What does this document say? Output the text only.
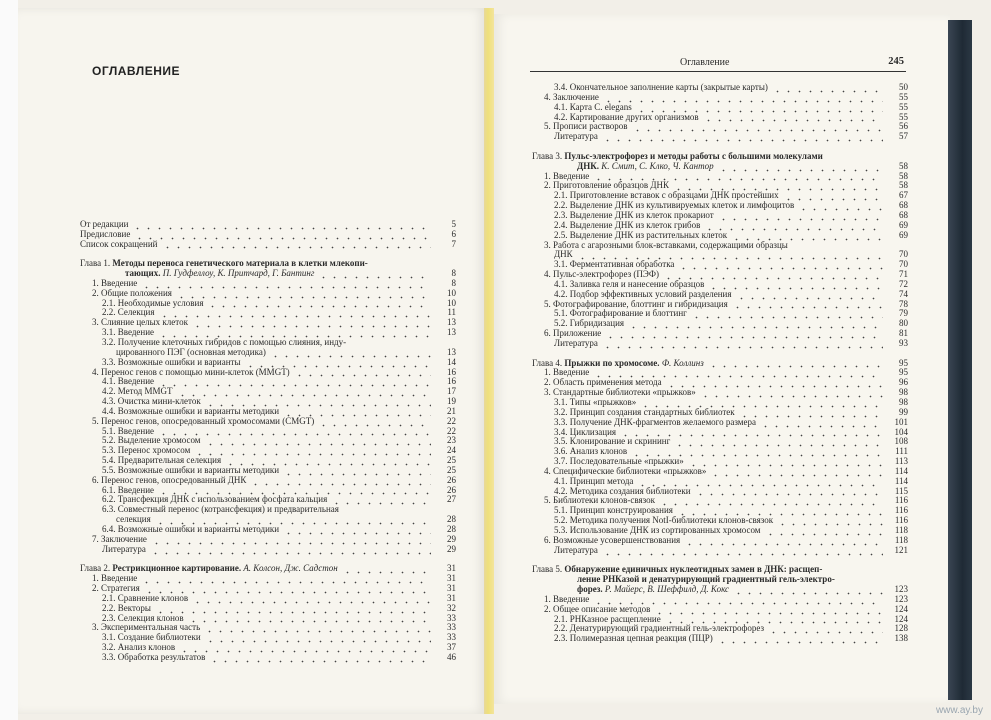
ОГЛАВЛЕНИЕ
Оглавление	245
От редакции	5
Предисловие	6
Список сокращений	7
Глава 1. Методы переноса генетического материала в клетки млекопи-
тающих. П. Гудфеллоу, К. Притчард, Г. Бантинг	8
1. Введение	8
2. Общие положения	10
2.1. Необходимые условия	10
2.2. Селекция	11
3. Слияние целых клеток	13
3.1. Введение	13
3.2. Получение клеточных гибридов с помощью слияния, инду-
цированного ПЭГ (основная методика)	13
3.3. Возможные ошибки и варианты	14
4. Перенос генов с помощью мини-клеток (MMGT)	16
4.1. Введение	16
4.2. Метод MMGT	17
4.3. Очистка мини-клеток	19
4.4. Возможные ошибки и варианты методики	21
5. Перенос генов, опосредованный хромосомами (CMGT)	22
5.1. Введение	22
5.2. Выделение хромосом	23
5.3. Перенос хромосом	24
5.4. Предварительная селекция	25
5.5. Возможные ошибки и варианты методики	25
6. Перенос генов, опосредованный ДНК	26
6.1. Введение	26
6.2. Трансфекция ДНК с использованием фосфата кальция	27
6.3. Совместный перенос (котрансфекция) и предварительная
селекция	28
6.4. Возможные ошибки и варианты методики	28
7. Заключение	29
Литература	29
Глава 2. Рестрикционное картирование. А. Колсон, Дж. Садстон	31
1. Введение	31
2. Стратегия	31
2.1. Сравнение клонов	31
2.2. Векторы	32
2.3. Селекция клонов	33
3. Экспериментальная часть	33
3.1. Создание библиотеки	33
3.2. Анализ клонов	37
3.3. Обработка результатов	46
3.4. Окончательное заполнение карты (закрытые карты)	50
4. Заключение	55
4.1. Карта C. elegans	55
4.2. Картирование других организмов	55
5. Прописи растворов	56
Литература	57
Глава 3. Пульс-электрофорез и методы работы с большими молекулами
ДНК. К. Смит, С. Клко, Ч. Кантор	58
1. Введение	58
2. Приготовление образцов ДНК	58
2.1. Приготовление вставок с образцами ДНК простейших	67
2.2. Выделение ДНК из культивируемых клеток и лимфоцитов	68
2.3. Выделение ДНК из клеток прокариот	68
2.4. Выделение ДНК из клеток грибов	69
2.5. Выделение ДНК из растительных клеток	69
3. Работа с агарозными блок-вставками, содержащими образцы
ДНК	70
3.1. Ферментативная обработка	70
4. Пульс-электрофорез (ПЭФ)	71
4.1. Заливка геля и нанесение образцов	72
4.2. Подбор эффективных условий разделения	74
5. Фотографирование, блоттинг и гибридизация	78
5.1. Фотографирование и блоттинг	79
5.2. Гибридизация	80
6. Приложение	81
Литература	93
Глава 4. Прыжки по хромосоме. Ф. Коллинз	95
1. Введение	95
2. Область применения метода	96
3. Стандартные библиотеки «прыжков»	98
3.1. Типы «прыжков»	98
3.2. Принцип создания стандартных библиотек	99
3.3. Получение ДНК-фрагментов желаемого размера	101
3.4. Циклизация	104
3.5. Клонирование и скрининг	108
3.6. Анализ клонов	111
3.7. Последовательные «прыжки»	113
4. Специфические библиотеки «прыжков»	114
4.1. Принцип метода	114
4.2. Методика создания библиотеки	115
5. Библиотеки клонов-связок	116
5.1. Принцип конструирования	116
5.2. Методика получения NotI-библиотеки клонов-связок	116
5.3. Использование ДНК из сортированных хромосом	118
6. Возможные усовершенствования	118
Литература	121
Глава 5. Обнаружение единичных нуклеотидных замен в ДНК: расщеп-
ление РНКазой и денатурирующий градиентный гель-электро-
форез. Р. Майерс, В. Шеффилд, Д. Кокс	123
1. Введение	123
2. Общее описание методов	124
2.1. РНКазное расщепление	124
2.2. Денатурирующий градиентный гель-электрофорез	128
2.3. Полимеразная цепная реакция (ПЦР)	138
www.ay.by
